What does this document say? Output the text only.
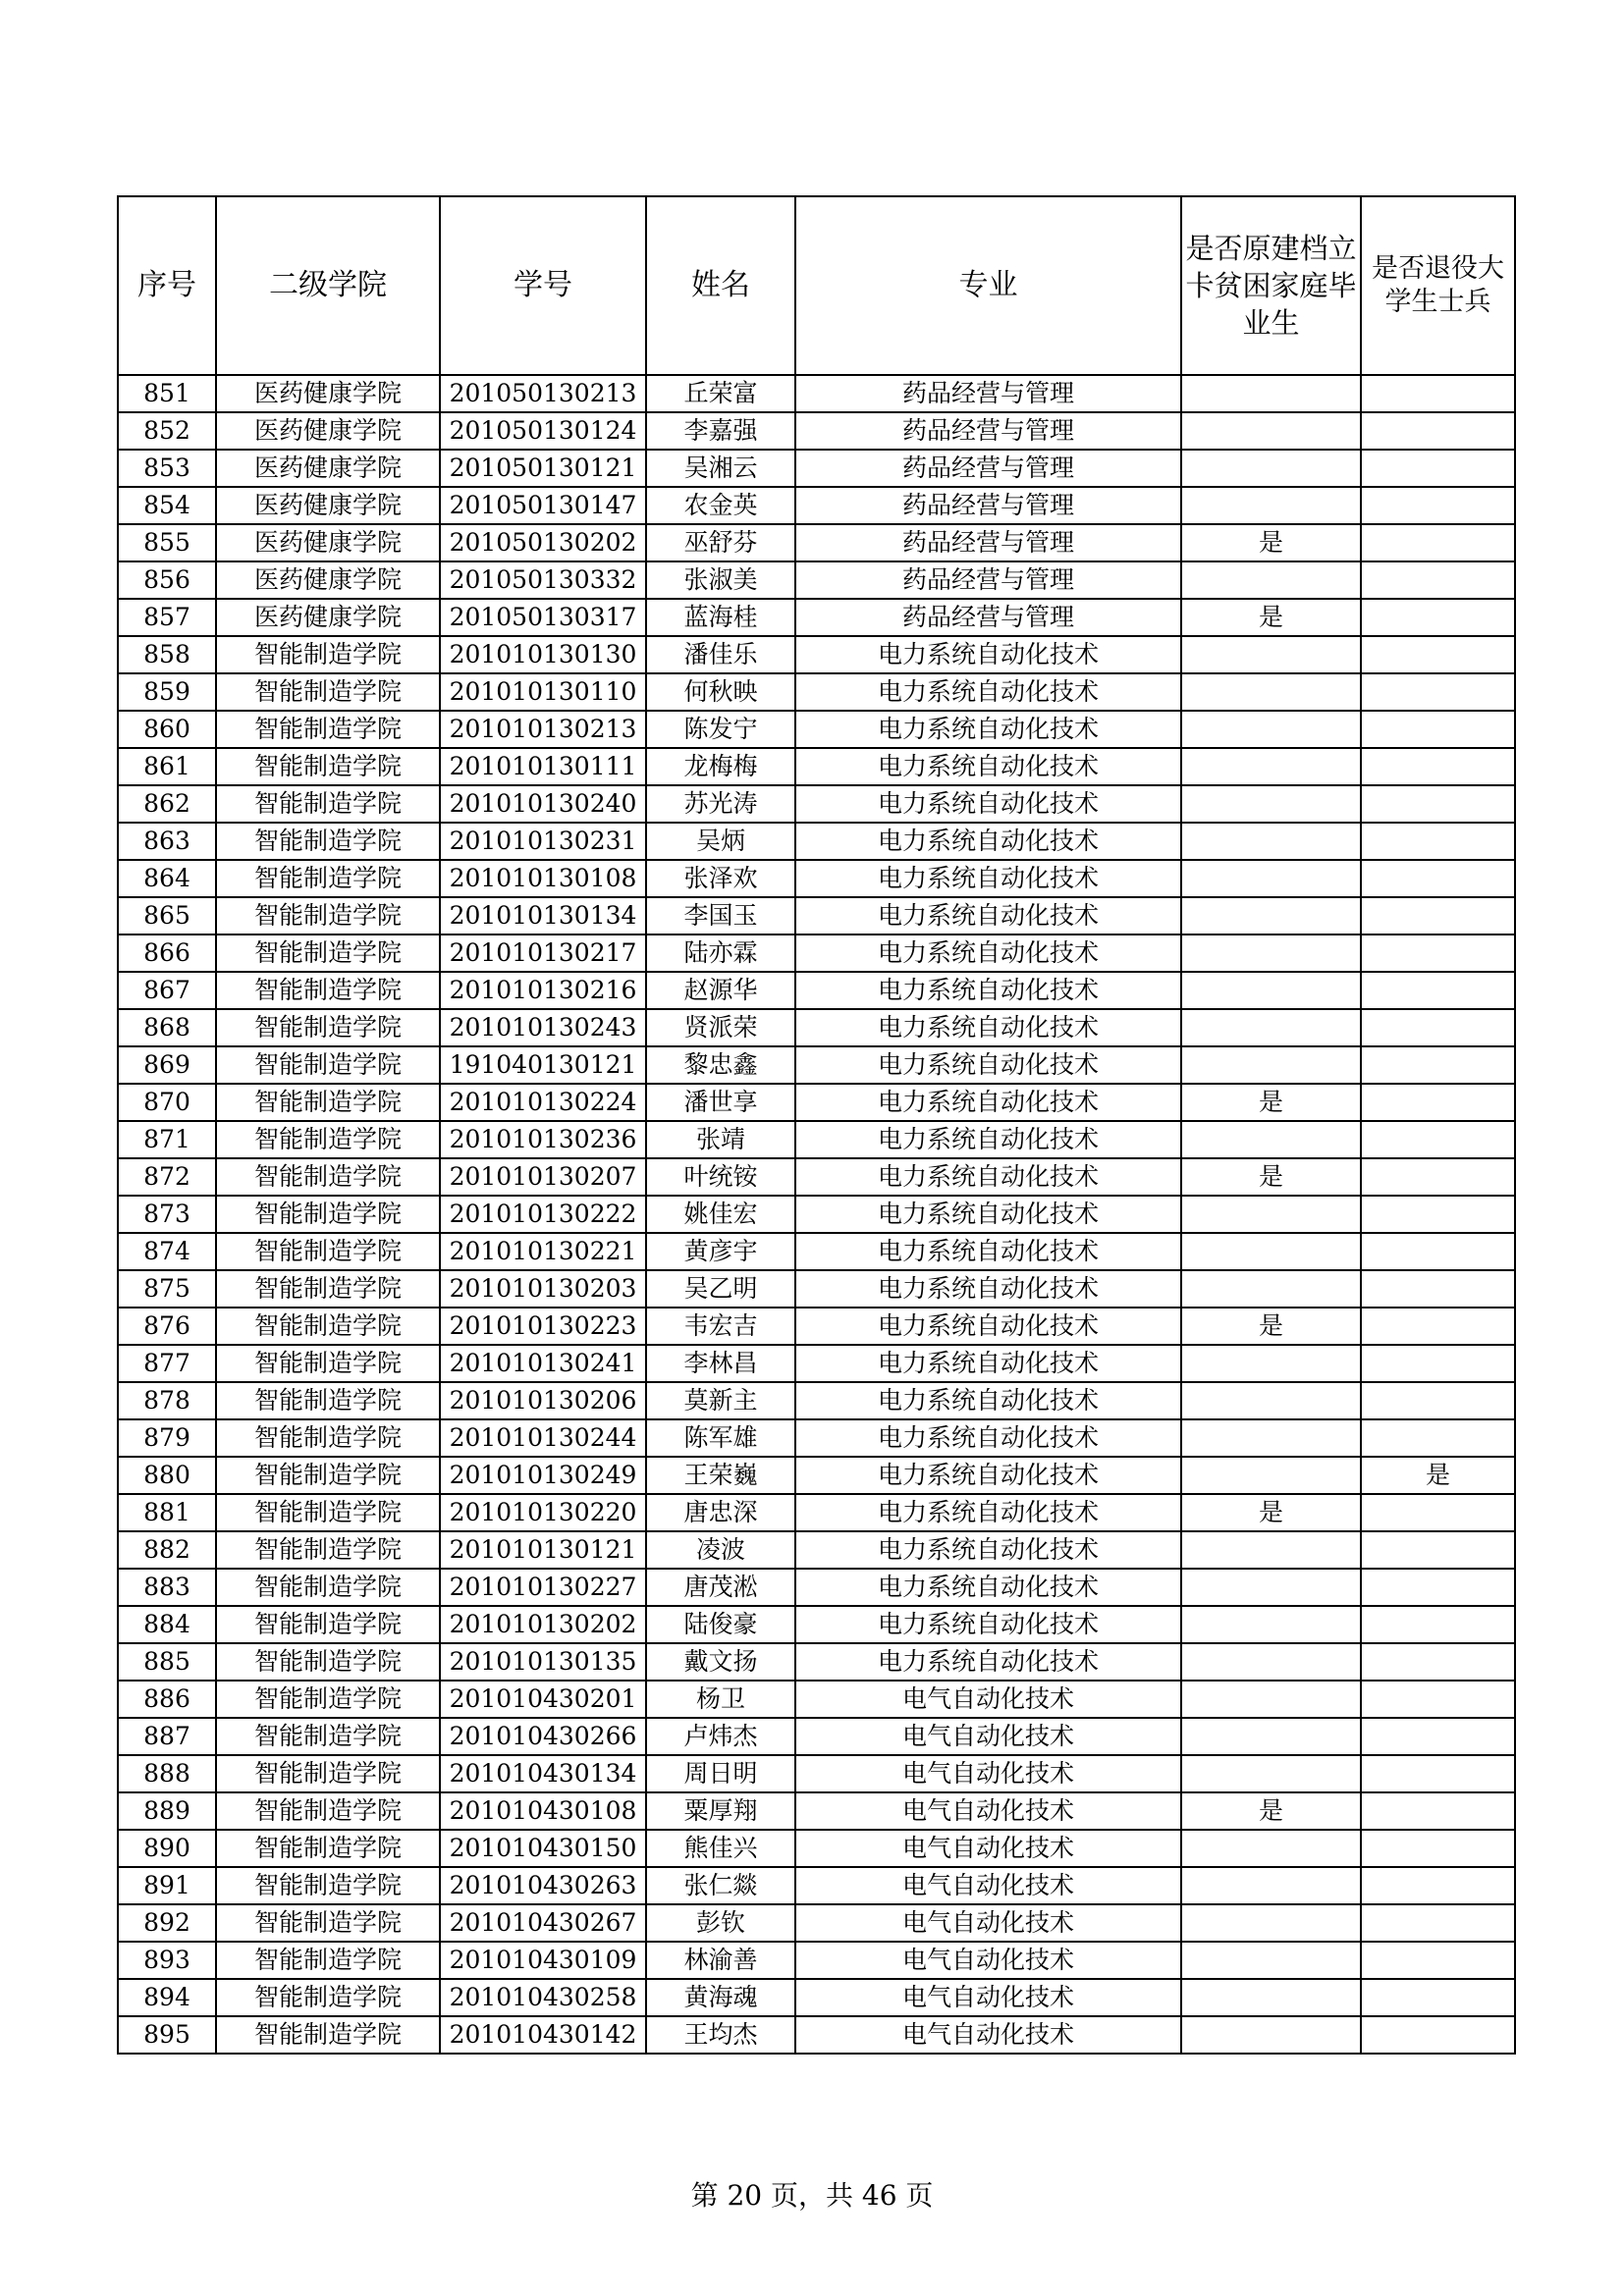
序号	二级学院	学号	姓名	专业	是否原建档立卡贫困家庭毕业生	是否退役大学生士兵
851	医药健康学院	201050130213	丘荣富	药品经营与管理		
852	医药健康学院	201050130124	李嘉强	药品经营与管理		
853	医药健康学院	201050130121	吴湘云	药品经营与管理		
854	医药健康学院	201050130147	农金英	药品经营与管理		
855	医药健康学院	201050130202	巫舒芬	药品经营与管理	是	
856	医药健康学院	201050130332	张淑美	药品经营与管理		
857	医药健康学院	201050130317	蓝海桂	药品经营与管理	是	
858	智能制造学院	201010130130	潘佳乐	电力系统自动化技术		
859	智能制造学院	201010130110	何秋映	电力系统自动化技术		
860	智能制造学院	201010130213	陈发宁	电力系统自动化技术		
861	智能制造学院	201010130111	龙梅梅	电力系统自动化技术		
862	智能制造学院	201010130240	苏光涛	电力系统自动化技术		
863	智能制造学院	201010130231	吴炳	电力系统自动化技术		
864	智能制造学院	201010130108	张泽欢	电力系统自动化技术		
865	智能制造学院	201010130134	李国玉	电力系统自动化技术		
866	智能制造学院	201010130217	陆亦霖	电力系统自动化技术		
867	智能制造学院	201010130216	赵源华	电力系统自动化技术		
868	智能制造学院	201010130243	贤派荣	电力系统自动化技术		
869	智能制造学院	191040130121	黎忠鑫	电力系统自动化技术		
870	智能制造学院	201010130224	潘世享	电力系统自动化技术	是	
871	智能制造学院	201010130236	张靖	电力系统自动化技术		
872	智能制造学院	201010130207	叶统铵	电力系统自动化技术	是	
873	智能制造学院	201010130222	姚佳宏	电力系统自动化技术		
874	智能制造学院	201010130221	黄彦宇	电力系统自动化技术		
875	智能制造学院	201010130203	吴乙明	电力系统自动化技术		
876	智能制造学院	201010130223	韦宏吉	电力系统自动化技术	是	
877	智能制造学院	201010130241	李林昌	电力系统自动化技术		
878	智能制造学院	201010130206	莫新主	电力系统自动化技术		
879	智能制造学院	201010130244	陈军雄	电力系统自动化技术		
880	智能制造学院	201010130249	王荣巍	电力系统自动化技术		是
881	智能制造学院	201010130220	唐忠深	电力系统自动化技术	是	
882	智能制造学院	201010130121	凌波	电力系统自动化技术		
883	智能制造学院	201010130227	唐茂淞	电力系统自动化技术		
884	智能制造学院	201010130202	陆俊豪	电力系统自动化技术		
885	智能制造学院	201010130135	戴文扬	电力系统自动化技术		
886	智能制造学院	201010430201	杨卫	电气自动化技术		
887	智能制造学院	201010430266	卢炜杰	电气自动化技术		
888	智能制造学院	201010430134	周日明	电气自动化技术		
889	智能制造学院	201010430108	粟厚翔	电气自动化技术	是	
890	智能制造学院	201010430150	熊佳兴	电气自动化技术		
891	智能制造学院	201010430263	张仁燚	电气自动化技术		
892	智能制造学院	201010430267	彭钦	电气自动化技术		
893	智能制造学院	201010430109	林渝善	电气自动化技术		
894	智能制造学院	201010430258	黄海魂	电气自动化技术		
895	智能制造学院	201010430142	王均杰	电气自动化技术		
第 20 页，共 46 页
